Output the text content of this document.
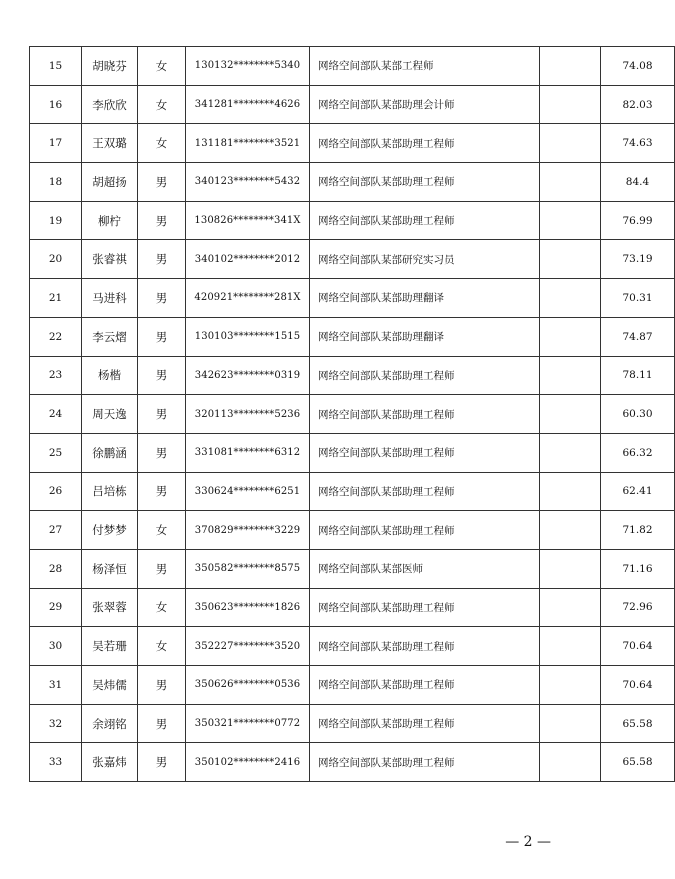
15	胡晓芬	女	130132********5340	网络空间部队某部工程师		74.08
16	李欣欣	女	341281********4626	网络空间部队某部助理会计师		82.03
17	王双璐	女	131181********3521	网络空间部队某部助理工程师		74.63
18	胡超扬	男	340123********5432	网络空间部队某部助理工程师		84.4
19	柳柠	男	130826********341X	网络空间部队某部助理工程师		76.99
20	张睿祺	男	340102********2012	网络空间部队某部研究实习员		73.19
21	马进科	男	420921********281X	网络空间部队某部助理翻译		70.31
22	李云熠	男	130103********1515	网络空间部队某部助理翻译		74.87
23	杨楷	男	342623********0319	网络空间部队某部助理工程师		78.11
24	周天逸	男	320113********5236	网络空间部队某部助理工程师		60.30
25	徐鹏涵	男	331081********6312	网络空间部队某部助理工程师		66.32
26	吕培栋	男	330624********6251	网络空间部队某部助理工程师		62.41
27	付梦梦	女	370829********3229	网络空间部队某部助理工程师		71.82
28	杨泽恒	男	350582********8575	网络空间部队某部医师		71.16
29	张翠蓉	女	350623********1826	网络空间部队某部助理工程师		72.96
30	吴若珊	女	352227********3520	网络空间部队某部助理工程师		70.64
31	吴炜儒	男	350626********0536	网络空间部队某部助理工程师		70.64
32	余翊铭	男	350321********0772	网络空间部队某部助理工程师		65.58
33	张嘉炜	男	350102********2416	网络空间部队某部助理工程师		65.58
— 2 —
